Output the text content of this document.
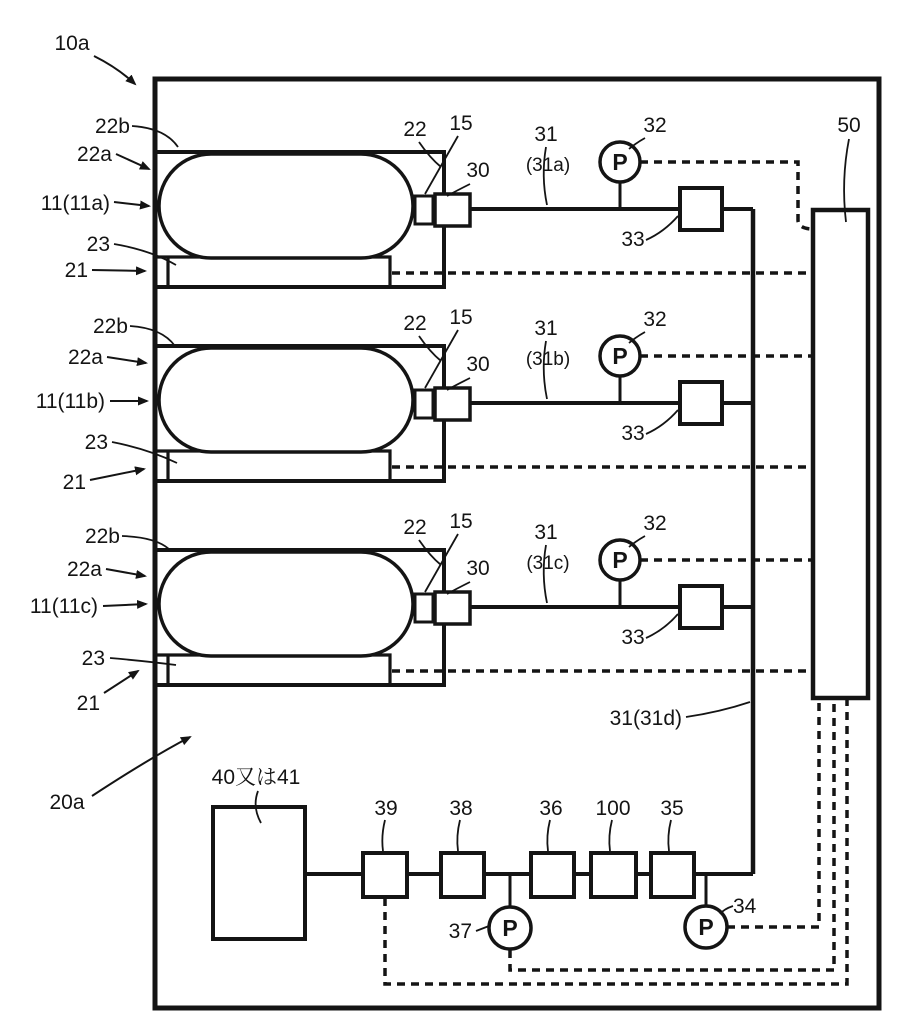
P
22 15	31
(31a)
32
30
33
P
22 15	31
(31b)
32
30
33
P
22 15	31
(31c)
32
30
33
22b
22a
11(11a)
23
21
22b
22a
11(11b)
23
21
22b
22a
11(11c)
23
21
50
P	P
39 38	36 100 35
37
34
40又は41
31(31d)
10a
20a
